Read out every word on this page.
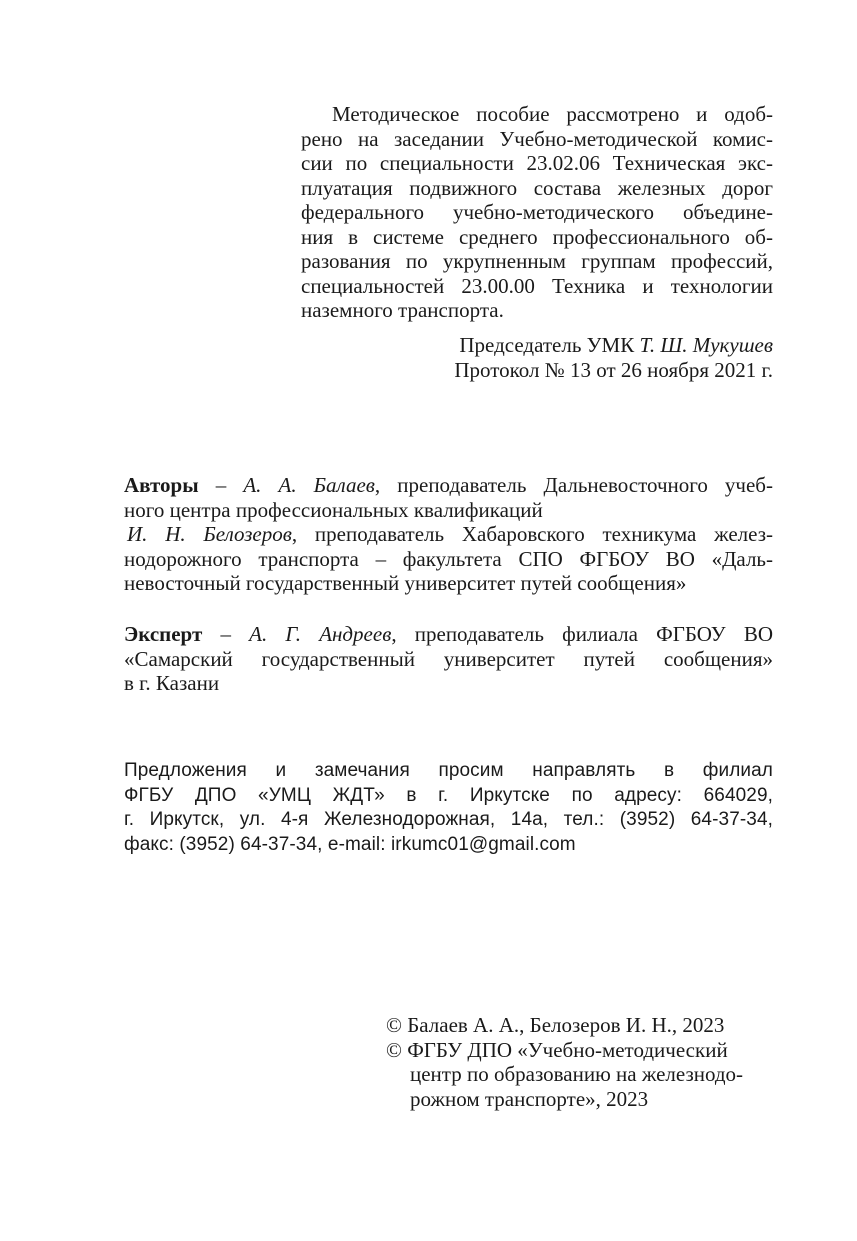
Методическое пособие рассмотрено и одоб-
рено на заседании Учебно-методической комис-
сии по специальности 23.02.06 Техническая экс-
плуатация подвижного состава железных дорог
федерального учебно-методического объедине-
ния в системе среднего профессионального об-
разования по укрупненным группам профессий,
специальностей 23.00.00 Техника и технологии
наземного транспорта.
Председатель УМК Т. Ш. Мукушев
Протокол № 13 от 26 ноября 2021 г.
Авторы – А. А. Балаев, преподаватель Дальневосточного учеб-
ного центра профессиональных квалификаций
И. Н. Белозеров, преподаватель Хабаровского техникума желез-
нодорожного транспорта – факультета СПО ФГБОУ ВО «Даль-
невосточный государственный университет путей сообщения»
Эксперт – А. Г. Андреев, преподаватель филиала ФГБОУ ВО
«Самарский государственный университет путей сообщения»
в г. Казани
Предложения и замечания просим направлять в филиал
ФГБУ ДПО «УМЦ ЖДТ» в г. Иркутске по адресу: 664029,
г. Иркутск, ул. 4-я Железнодорожная, 14а, тел.: (3952) 64-37-34,
факс: (3952) 64-37-34, e-mail: irkumc01@gmail.com
© Балаев А. А., Белозеров И. Н., 2023
© ФГБУ ДПО «Учебно-методический
центр по образованию на железнодо-
рожном транспорте», 2023
